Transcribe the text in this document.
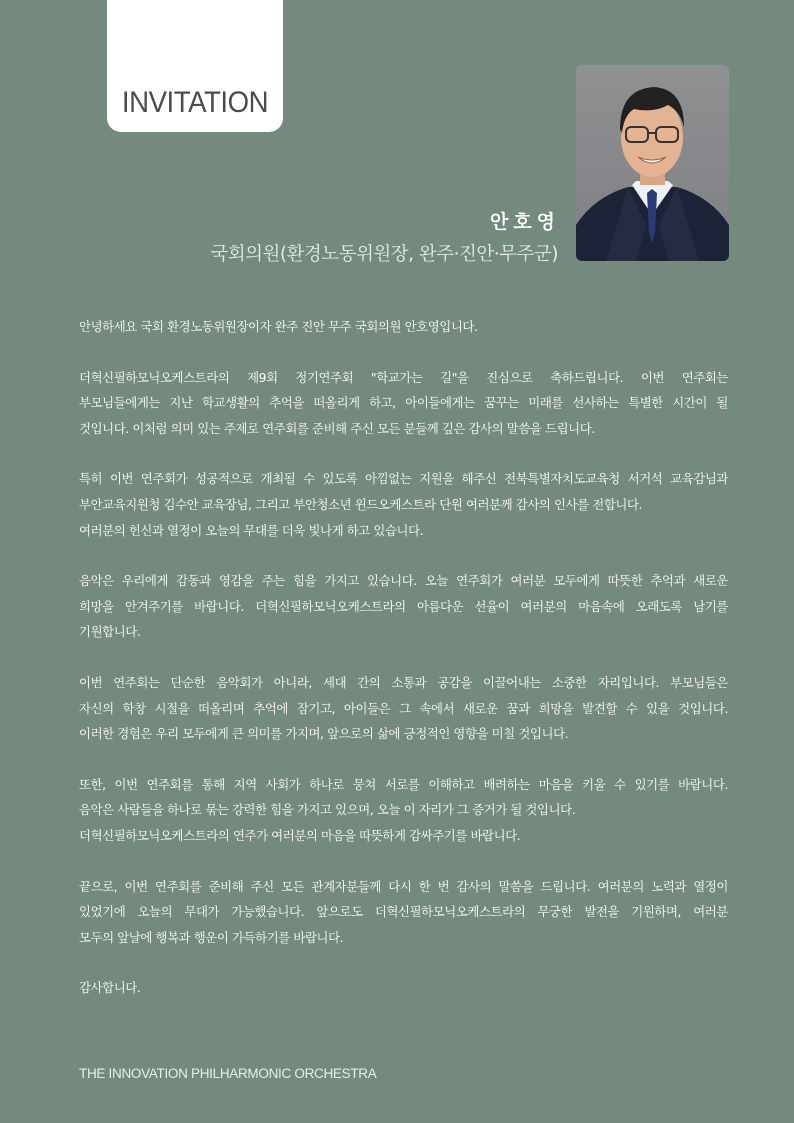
INVITATION
안호영
국회의원(환경노동위원장, 완주·진안·무주군)

안녕하세요 국회 환경노동위원장이자 완주 진안 무주 국회의원 안호영입니다.

더혁신필하모닉오케스트라의 제9회 정기연주회 "학교가는 길"을 진심으로 축하드립니다. 이번 연주회는
부모님들에게는 지난 학교생활의 추억을 떠올리게 하고, 아이들에게는 꿈꾸는 미래를 선사하는 특별한 시간이 될
것입니다. 이처럼 의미 있는 주제로 연주회를 준비해 주신 모든 분들께 깊은 감사의 말씀을 드립니다.

특히 이번 연주회가 성공적으로 개최될 수 있도록 아낌없는 지원을 해주신 전북특별자치도교육청 서거석 교육감님과
부안교육지원청 김수안 교육장님, 그리고 부안청소년 윈드오케스트라 단원 여러분께 감사의 인사를 전합니다.
여러분의 헌신과 열정이 오늘의 무대를 더욱 빛나게 하고 있습니다.

음악은 우리에게 감동과 영감을 주는 힘을 가지고 있습니다. 오늘 연주회가 여러분 모두에게 따뜻한 추억과 새로운
희망을 안겨주기를 바랍니다. 더혁신필하모닉오케스트라의 아름다운 선율이 여러분의 마음속에 오래도록 남기를
기원합니다.

이번 연주회는 단순한 음악회가 아니라, 세대 간의 소통과 공감을 이끌어내는 소중한 자리입니다. 부모님들은
자신의 학창 시절을 떠올리며 추억에 잠기고, 아이들은 그 속에서 새로운 꿈과 희망을 발견할 수 있을 것입니다.
이러한 경험은 우리 모두에게 큰 의미를 가지며, 앞으로의 삶에 긍정적인 영향을 미칠 것입니다.

또한, 이번 연주회를 통해 지역 사회가 하나로 뭉쳐 서로를 이해하고 배려하는 마음을 키울 수 있기를 바랍니다.
음악은 사람들을 하나로 묶는 강력한 힘을 가지고 있으며, 오늘 이 자리가 그 증거가 될 것입니다.
더혁신필하모닉오케스트라의 연주가 여러분의 마음을 따뜻하게 감싸주기를 바랍니다.

끝으로, 이번 연주회를 준비해 주신 모든 관계자분들께 다시 한 번 감사의 말씀을 드립니다. 여러분의 노력과 열정이
있었기에 오늘의 무대가 가능했습니다. 앞으로도 더혁신필하모닉오케스트라의 무궁한 발전을 기원하며, 여러분
모두의 앞날에 행복과 행운이 가득하기를 바랍니다.

감사합니다.

THE INNOVATION PHILHARMONIC ORCHESTRA
